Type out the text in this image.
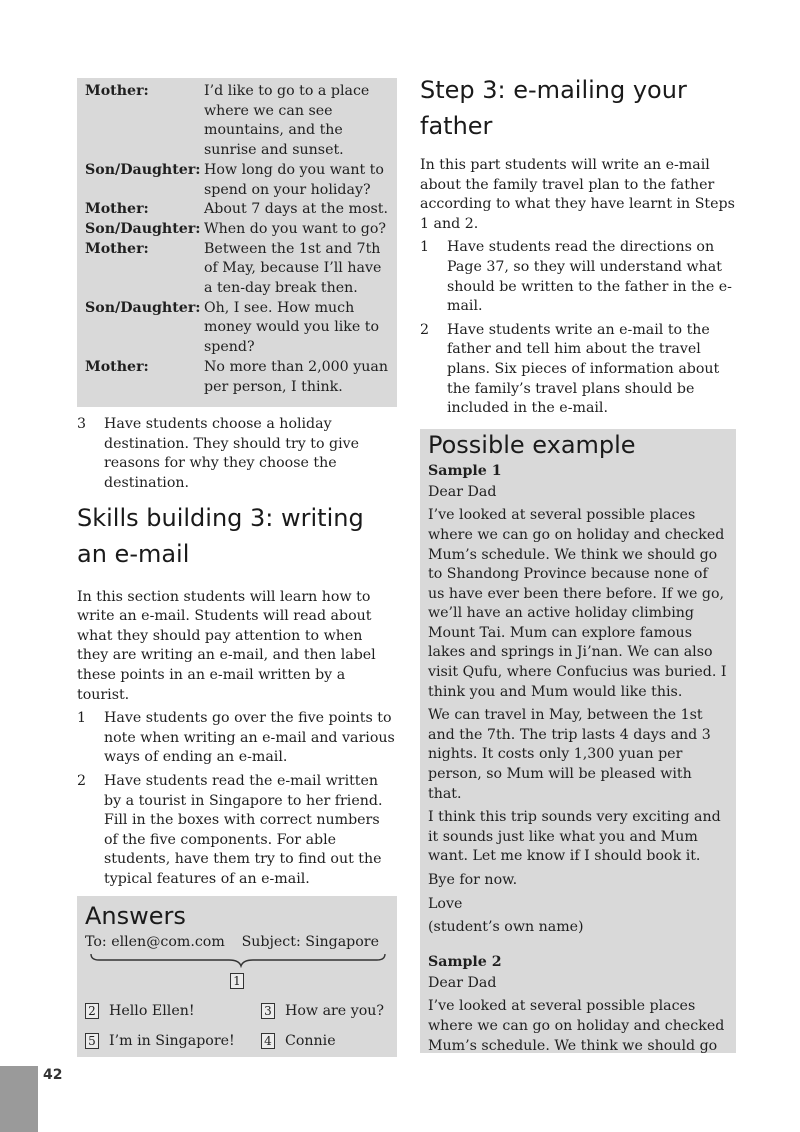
Mother:	I’d like to go to a place where we can see mountains, and the sunrise and sunset.
Son/Daughter: How long do you want to spend on your holiday?
Mother:	About 7 days at the most.
Son/Daughter: When do you want to go?
Mother:	Between the 1st and 7th of May, because I’ll have a ten-day break then.
Son/Daughter: Oh, I see. How much money would you like to spend?
Mother:	No more than 2,000 yuan per person, I think.
3	Have students choose a holiday destination. They should try to give reasons for why they choose the destination.
Skills building 3: writing an e-mail

In this section students will learn how to write an e-mail. Students will read about what they should pay attention to when they are writing an e-mail, and then label these points in an e-mail written by a tourist.

1	Have students go over the five points to note when writing an e-mail and various ways of ending an e-mail.
2	Have students read the e-mail written by a tourist in Singapore to her friend. Fill in the boxes with correct numbers of the five components. For able students, have them try to find out the typical features of an e-mail.
Answers
To: ellen@com.com Subject: Singapore
1
2 Hello Ellen!	3 How are you?
5 I’m in Singapore!	4 Connie
Step 3: e-mailing your father

In this part students will write an e-mail about the family travel plan to the father according to what they have learnt in Steps 1 and 2.

1	Have students read the directions on Page 37, so they will understand what should be written to the father in the e-mail.
2	Have students write an e-mail to the father and tell him about the travel plans. Six pieces of information about the family’s travel plans should be included in the e-mail.
Possible example

Sample 1

Dear Dad

I’ve looked at several possible places where we can go on holiday and checked Mum’s schedule. We think we should go to Shandong Province because none of us have ever been there before. If we go, we’ll have an active holiday climbing Mount Tai. Mum can explore famous lakes and springs in Ji’nan. We can also visit Qufu, where Confucius was buried. I think you and Mum would like this.

We can travel in May, between the 1st and the 7th. The trip lasts 4 days and 3 nights. It costs only 1,300 yuan per person, so Mum will be pleased with that.

I think this trip sounds very exciting and it sounds just like what you and Mum want. Let me know if I should book it.

Bye for now.

Love

(student’s own name)

Sample 2

Dear Dad

I’ve looked at several possible places where we can go on holiday and checked Mum’s schedule. We think we should go

42
